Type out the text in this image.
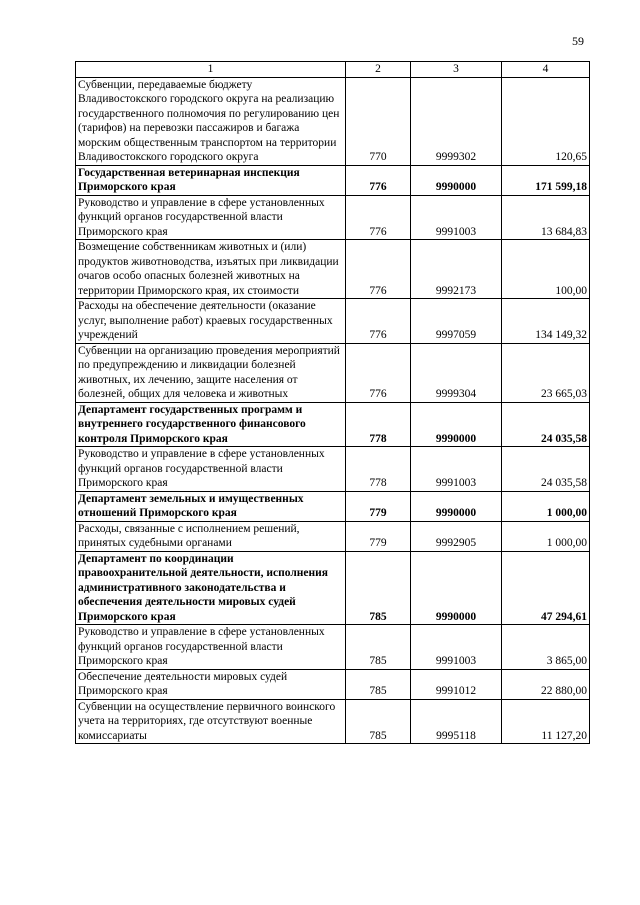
59
1	2	3	4
Субвенции, передаваемые бюджету Владивостокского городского округа на реализацию государственного полномочия по регулированию цен (тарифов) на перевозки пассажиров и багажа морским общественным транспортом на территории Владивостокского городского округа	770	9999302	120,65
Государственная ветеринарная инспекция Приморского края	776	9990000	171 599,18
Руководство и управление в сфере установленных функций органов государственной власти Приморского края	776	9991003	13 684,83
Возмещение собственникам животных и (или) продуктов животноводства, изъятых при ликвидации очагов особо опасных болезней животных на территории Приморского края, их стоимости	776	9992173	100,00
Расходы на обеспечение деятельности (оказание услуг, выполнение работ) краевых государственных учреждений	776	9997059	134 149,32
Субвенции на организацию проведения мероприятий по предупреждению и ликвидации болезней животных, их лечению, защите населения от болезней, общих для человека и животных	776	9999304	23 665,03
Департамент государственных программ и внутреннего государственного финансового контроля Приморского края	778	9990000	24 035,58
Руководство и управление в сфере установленных функций органов государственной власти Приморского края	778	9991003	24 035,58
Департамент земельных и имущественных отношений Приморского края	779	9990000	1 000,00
Расходы, связанные с исполнением решений, принятых судебными органами	779	9992905	1 000,00
Департамент по координации правоохранительной деятельности, исполнения административного законодательства и обеспечения деятельности мировых судей Приморского края	785	9990000	47 294,61
Руководство и управление в сфере установленных функций органов государственной власти Приморского края	785	9991003	3 865,00
Обеспечение деятельности мировых судей Приморского края	785	9991012	22 880,00
Субвенции на осуществление первичного воинского учета на территориях, где отсутствуют военные комиссариаты	785	9995118	11 127,20
